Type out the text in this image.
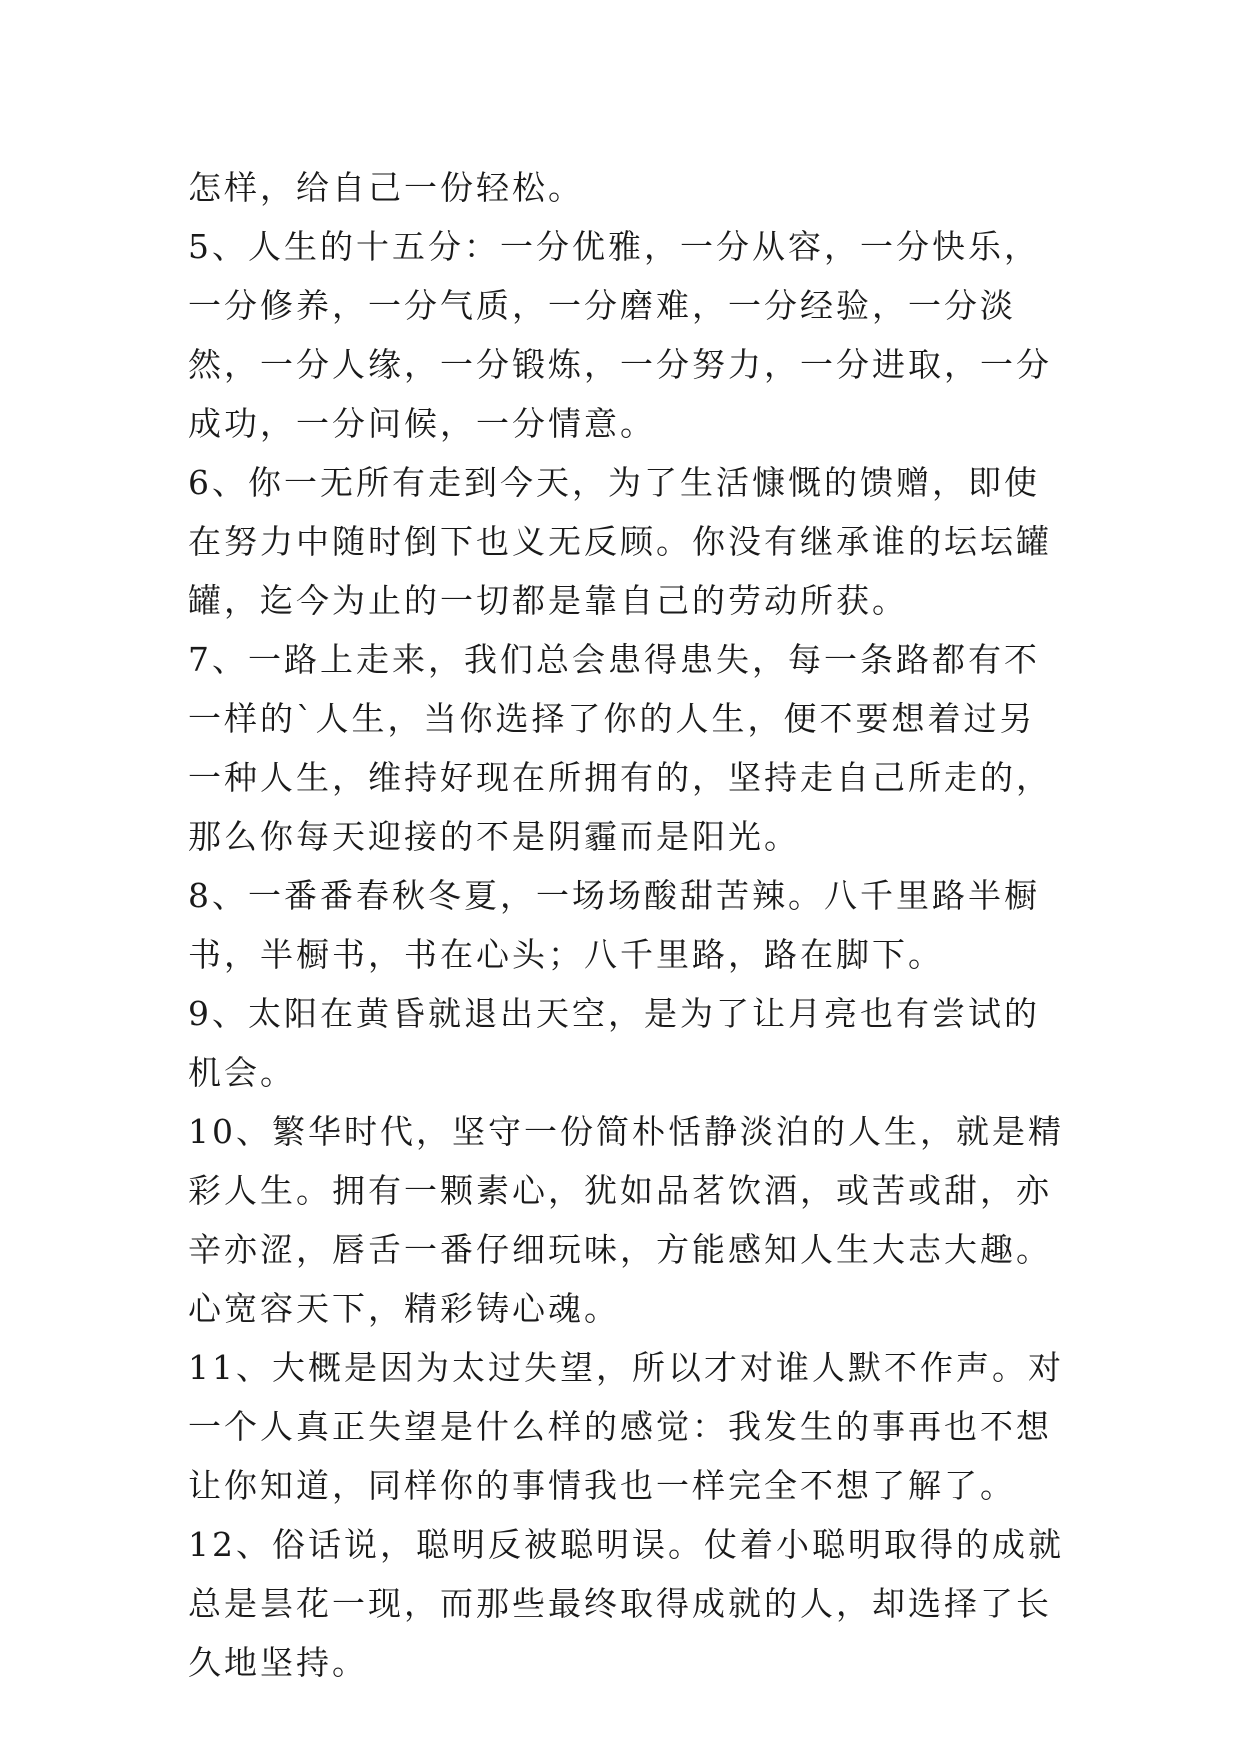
怎样，给自己一份轻松。

5、人生的十五分：一分优雅，一分从容，一分快乐，一分修养，一分气质，一分磨难，一分经验，一分淡然，一分人缘，一分锻炼，一分努力，一分进取，一分成功，一分问候，一分情意。

6、你一无所有走到今天，为了生活慷慨的馈赠，即使在努力中随时倒下也义无反顾。你没有继承谁的坛坛罐罐，迄今为止的一切都是靠自己的劳动所获。

7、一路上走来，我们总会患得患失，每一条路都有不一样的`人生，当你选择了你的人生，便不要想着过另一种人生，维持好现在所拥有的，坚持走自己所走的，那么你每天迎接的不是阴霾而是阳光。

8、一番番春秋冬夏，一场场酸甜苦辣。八千里路半橱书，半橱书，书在心头；八千里路，路在脚下。

9、太阳在黄昏就退出天空，是为了让月亮也有尝试的机会。

10、繁华时代，坚守一份简朴恬静淡泊的人生，就是精彩人生。拥有一颗素心，犹如品茗饮酒，或苦或甜，亦辛亦涩，唇舌一番仔细玩味，方能感知人生大志大趣。心宽容天下，精彩铸心魂。

11、大概是因为太过失望，所以才对谁人默不作声。对一个人真正失望是什么样的感觉：我发生的事再也不想让你知道，同样你的事情我也一样完全不想了解了。

12、俗话说，聪明反被聪明误。仗着小聪明取得的成就总是昙花一现，而那些最终取得成就的人，却选择了长久地坚持。
